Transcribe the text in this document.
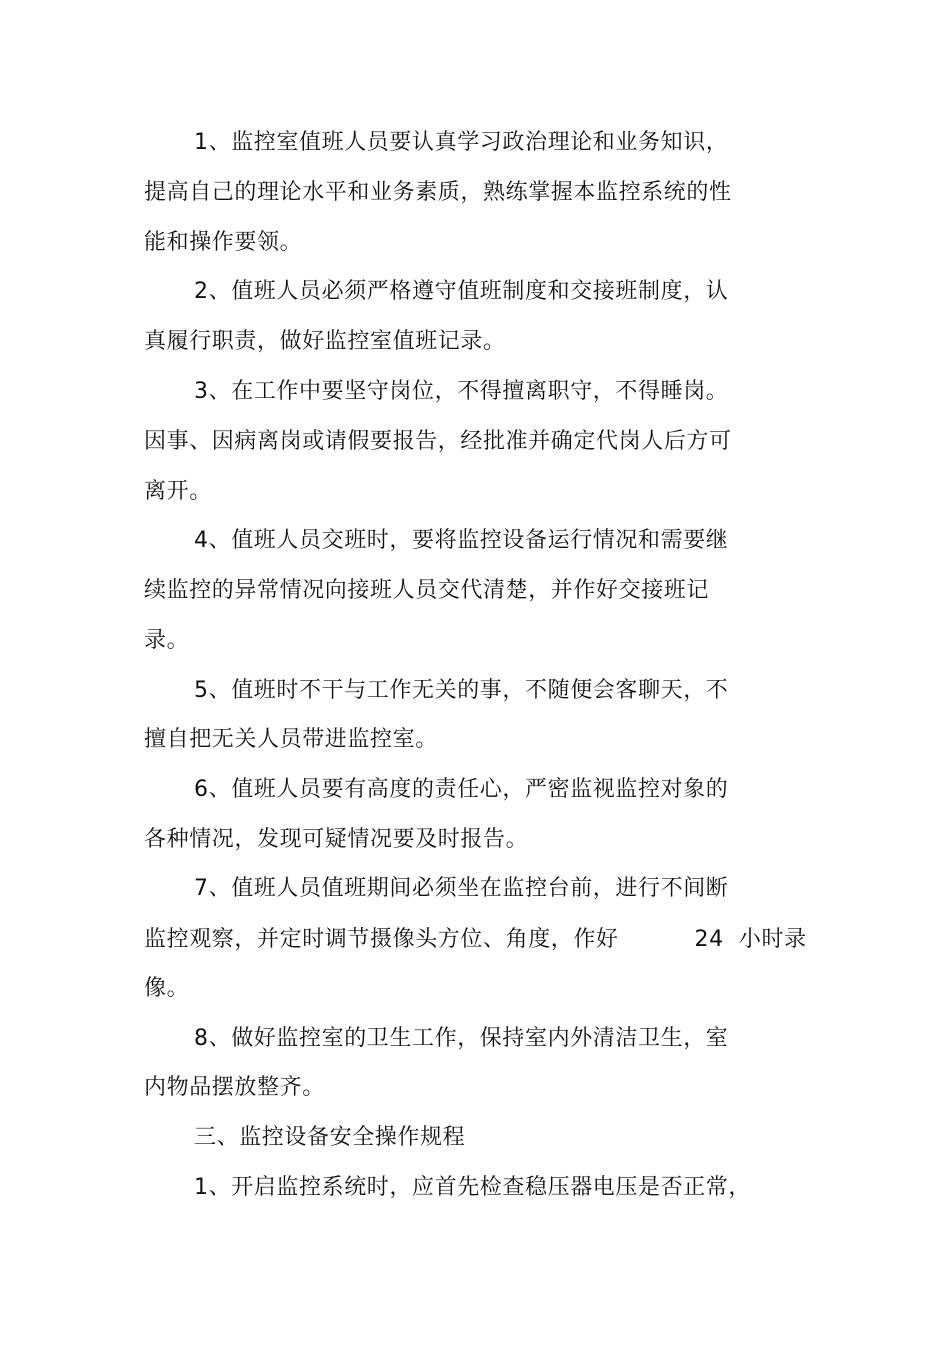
1、监控室值班人员要认真学习政治理论和业务知识，
提高自己的理论水平和业务素质，熟练掌握本监控系统的性
能和操作要领。
2、值班人员必须严格遵守值班制度和交接班制度，认
真履行职责，做好监控室值班记录。
3、在工作中要坚守岗位，不得擅离职守，不得睡岗。
因事、因病离岗或请假要报告，经批准并确定代岗人后方可
离开。
4、值班人员交班时，要将监控设备运行情况和需要继
续监控的异常情况向接班人员交代清楚，并作好交接班记
录。
5、值班时不干与工作无关的事，不随便会客聊天，不
擅自把无关人员带进监控室。
6、值班人员要有高度的责任心，严密监视监控对象的
各种情况，发现可疑情况要及时报告。
7、值班人员值班期间必须坐在监控台前，进行不间断
监控观察，并定时调节摄像头方位、角度，作好          24  小时录
像。
8、做好监控室的卫生工作，保持室内外清洁卫生，室
内物品摆放整齐。
三、监控设备安全操作规程
1、开启监控系统时，应首先检查稳压器电压是否正常，
